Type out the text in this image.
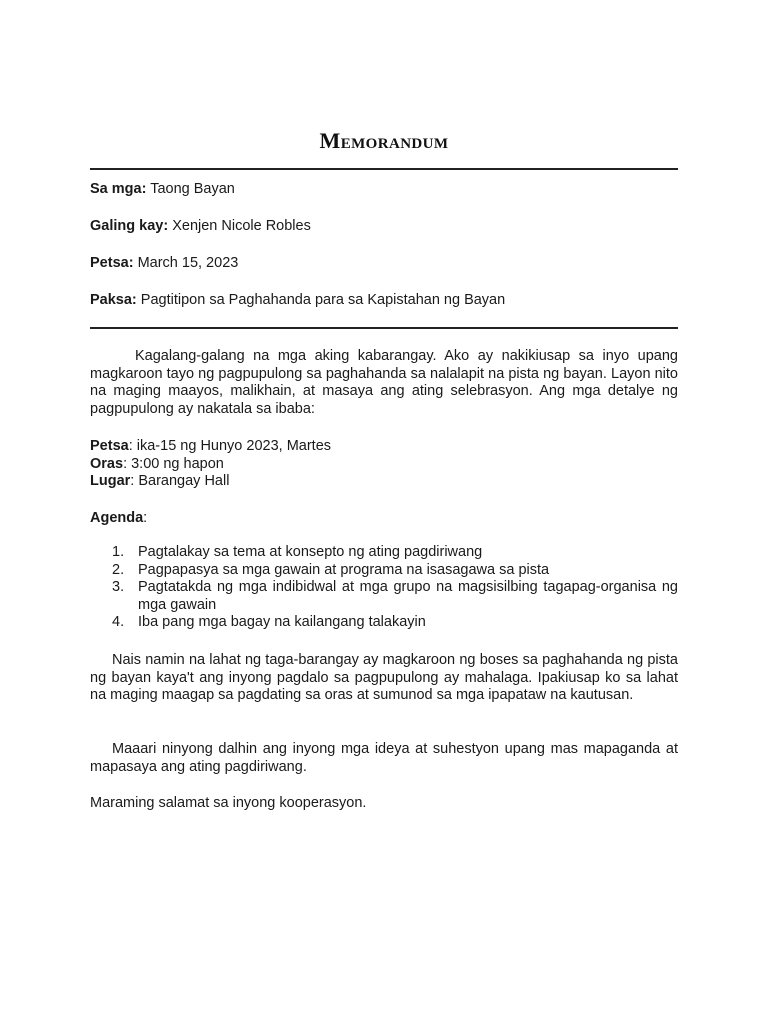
Memorandum
Sa mga: Taong Bayan
Galing kay: Xenjen Nicole Robles
Petsa: March 15, 2023
Paksa: Pagtitipon sa Paghahanda para sa Kapistahan ng Bayan
Kagalang-galang na mga aking kabarangay. Ako ay nakikiusap sa inyo upang magkaroon tayo ng pagpupulong sa paghahanda sa nalalapit na pista ng bayan. Layon nito na maging maayos, malikhain, at masaya ang ating selebrasyon. Ang mga detalye ng pagpupulong ay nakatala sa ibaba:
Petsa: ika-15 ng Hunyo 2023, Martes
Oras: 3:00 ng hapon
Lugar: Barangay Hall
Agenda:
1. Pagtalakay sa tema at konsepto ng ating pagdiriwang
2. Pagpapasya sa mga gawain at programa na isasagawa sa pista
3. Pagtatakda ng mga indibidwal at mga grupo na magsisilbing tagapag-organisa ng mga gawain
4. Iba pang mga bagay na kailangang talakayin
Nais namin na lahat ng taga-barangay ay magkaroon ng boses sa paghahanda ng pista ng bayan kaya't ang inyong pagdalo sa pagpupulong ay mahalaga. Ipakiusap ko sa lahat na maging maagap sa pagdating sa oras at sumunod sa mga ipapataw na kautusan.
Maaari ninyong dalhin ang inyong mga ideya at suhestyon upang mas mapaganda at mapasaya ang ating pagdiriwang.
Maraming salamat sa inyong kooperasyon.
